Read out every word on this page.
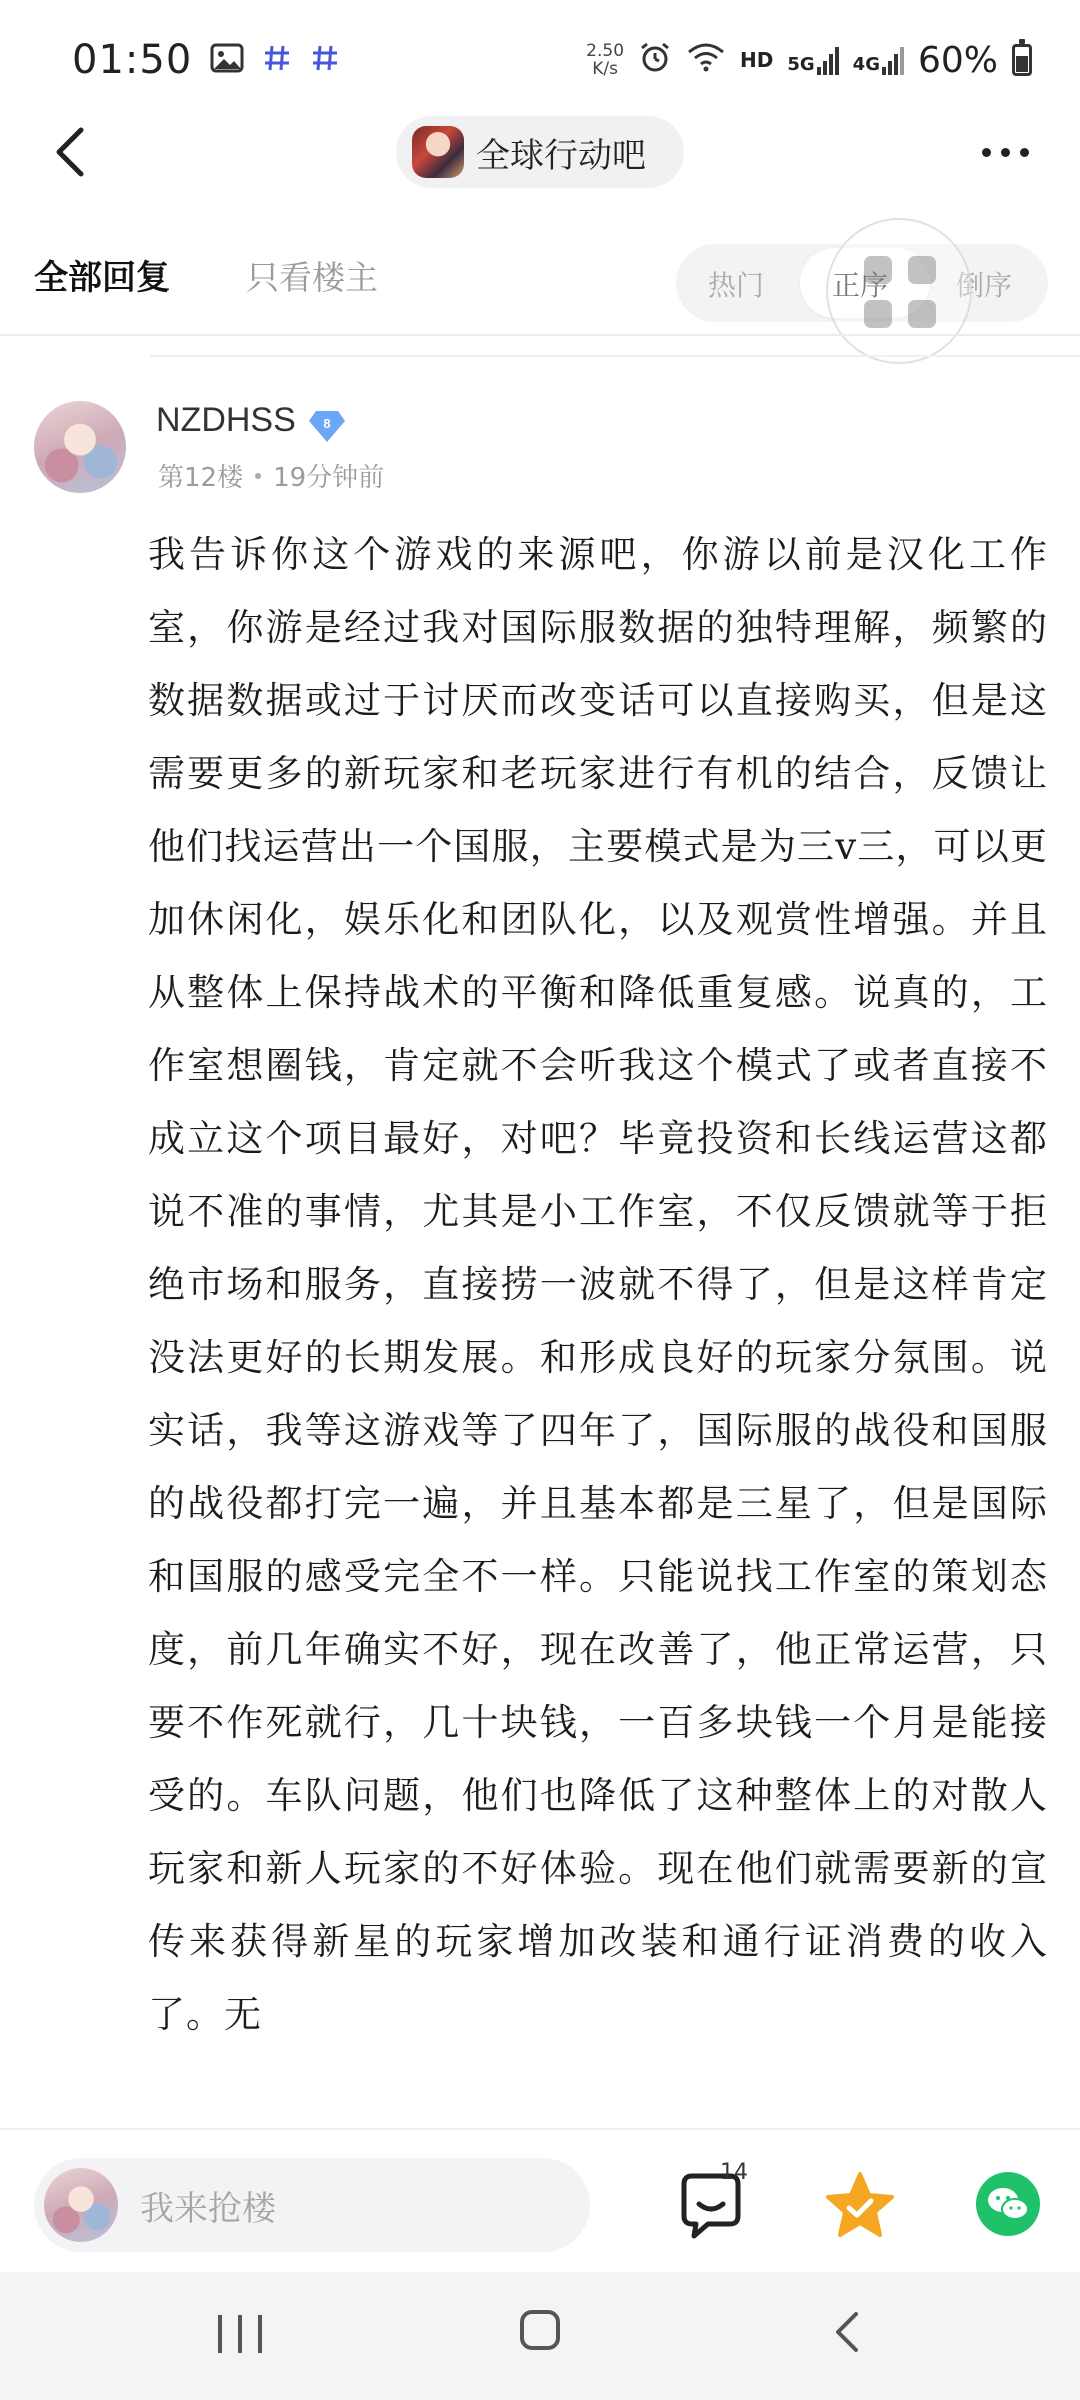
01:50	2.50
K/s	HD 5G 4G 60%
全球行动吧
全部回复 只看楼主	热门 正序 倒序
NZDHSS 8
第12楼 19分钟前

我告诉你这个游戏的来源吧，你游以前是汉化工作室，你游是经过我对国际服数据的独特理解，频繁的数据数据或过于讨厌而改变话可以直接购买，但是这需要更多的新玩家和老玩家进行有机的结合，反馈让他们找运营出一个国服，主要模式是为三v三，可以更加休闲化，娱乐化和团队化，以及观赏性增强。并且从整体上保持战术的平衡和降低重复感。说真的，工作室想圈钱，肯定就不会听我这个模式了或者直接不成立这个项目最好，对吧？毕竟投资和长线运营这都说不准的事情，尤其是小工作室，不仅反馈就等于拒绝市场和服务，直接捞一波就不得了，但是这样肯定没法更好的长期发展。和形成良好的玩家分氛围。说实话，我等这游戏等了四年了，国际服的战役和国服的战役都打完一遍，并且基本都是三星了，但是国际和国服的感受完全不一样。只能说找工作室的策划态度，前几年确实不好，现在改善了，他正常运营，只要不作死就行，几十块钱，一百多块钱一个月是能接受的。车队问题，他们也降低了这种整体上的对散人玩家和新人玩家的不好体验。现在他们就需要新的宣传来获得新星的玩家增加改装和通行证消费的收入了。无

我来抢楼
14
